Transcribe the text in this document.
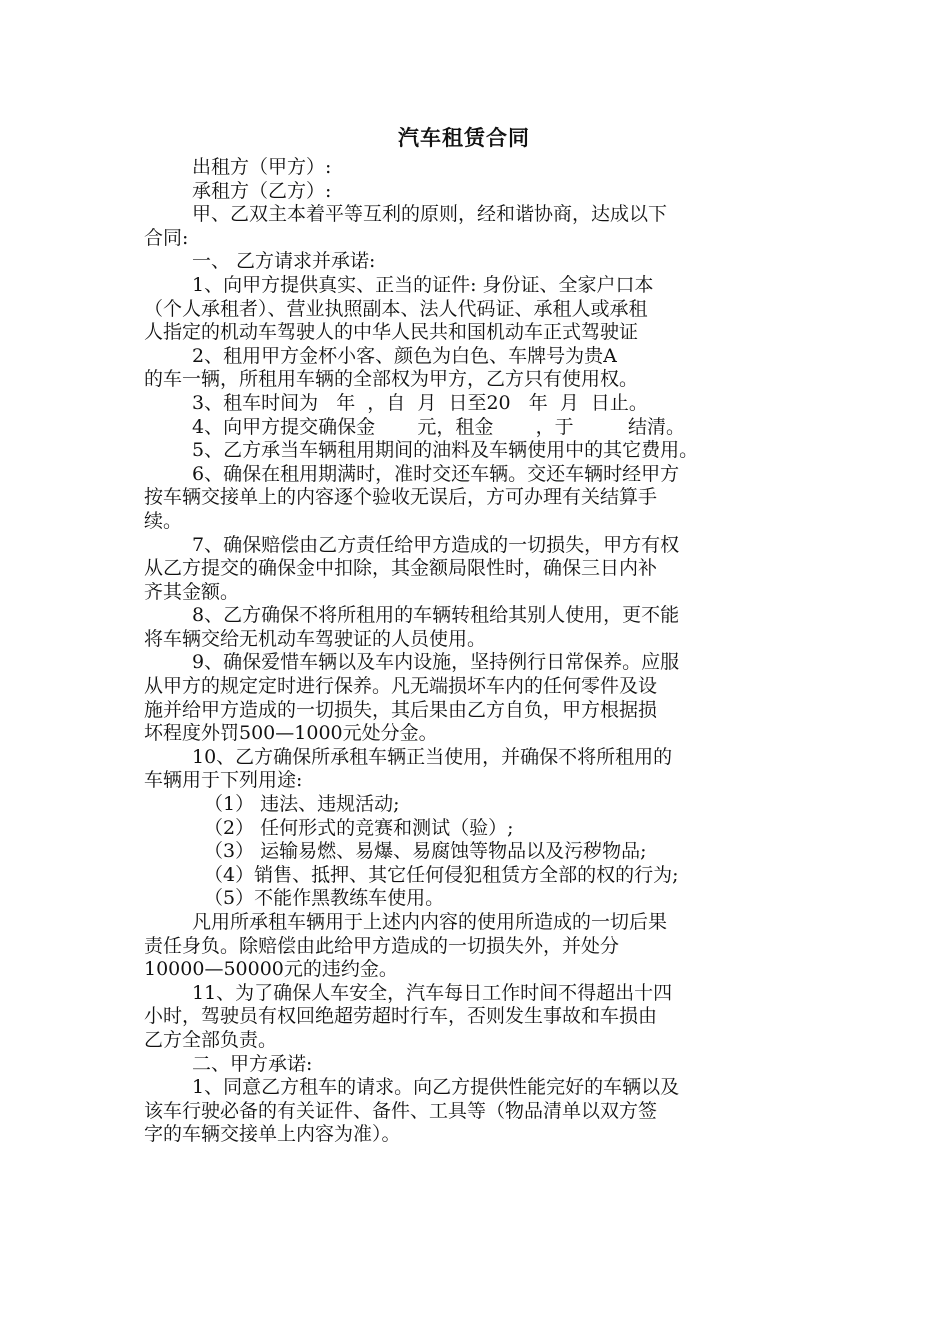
汽车租赁合同

出租方（甲方）:

承租方（乙方）:

甲、乙双主本着平等互利的原则，经和谐协商，达成以下
合同:

一、 乙方请求并承诺:

1、向甲方提供真实、正当的证件: 身份证、全家户口本
（个人承租者）、营业执照副本、法人代码证、承租人或承租
人指定的机动车驾驶人的中华人民共和国机动车正式驾驶证

2、租用甲方金杯小客、颜色为白色、车牌号为贵A
的车一辆，所租用车辆的全部权为甲方，乙方只有使用权。

3、租车时间为   年  ，自  月  日至20   年  月  日止。

4、向甲方提交确保金       元，租金       ，于         结清。

5、乙方承当车辆租用期间的油料及车辆使用中的其它费用。

6、确保在租用期满时，准时交还车辆。交还车辆时经甲方
按车辆交接单上的内容逐个验收无误后，方可办理有关结算手
续。

7、确保赔偿由乙方责任给甲方造成的一切损失，甲方有权
从乙方提交的确保金中扣除，其金额局限性时，确保三日内补
齐其金额。

8、乙方确保不将所租用的车辆转租给其别人使用，更不能
将车辆交给无机动车驾驶证的人员使用。

9、确保爱惜车辆以及车内设施，坚持例行日常保养。应服
从甲方的规定定时进行保养。凡无端损坏车内的任何零件及设
施并给甲方造成的一切损失，其后果由乙方自负，甲方根据损
坏程度外罚500—1000元处分金。

10、乙方确保所承租车辆正当使用，并确保不将所租用的
车辆用于下列用途:

（1） 违法、违规活动;
（2） 任何形式的竞赛和测试（验）;
（3） 运输易燃、易爆、易腐蚀等物品以及污秽物品;
（4）销售、抵押、其它任何侵犯租赁方全部的权的行为;
（5）不能作黑教练车使用。

凡用所承租车辆用于上述内内容的使用所造成的一切后果
责任身负。除赔偿由此给甲方造成的一切损失外，并处分
10000—50000元的违约金。

11、为了确保人车安全，汽车每日工作时间不得超出十四
小时，驾驶员有权回绝超劳超时行车，否则发生事故和车损由
乙方全部负责。

二、甲方承诺:

1、同意乙方租车的请求。向乙方提供性能完好的车辆以及
该车行驶必备的有关证件、备件、工具等（物品清单以双方签
字的车辆交接单上内容为准）。
